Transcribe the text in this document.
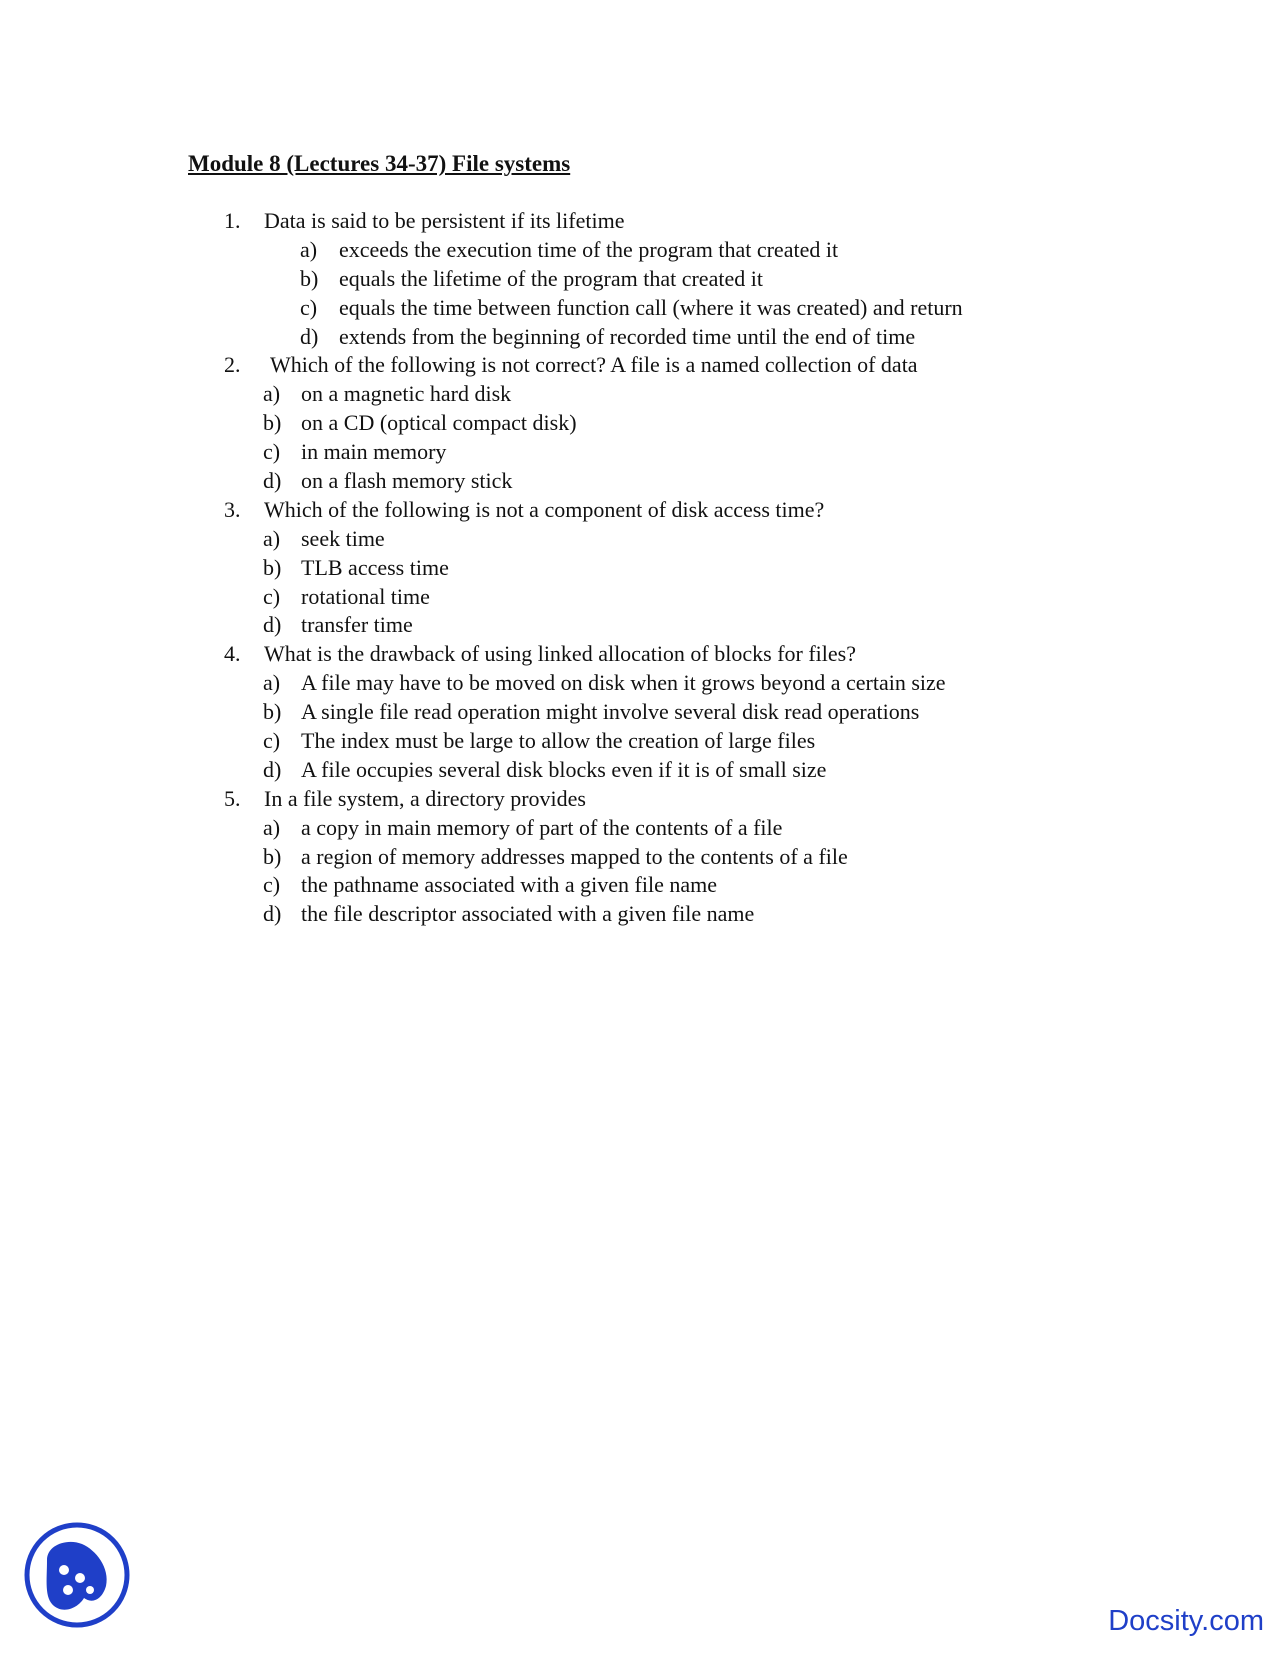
Module 8 (Lectures 34-37) File systems
1. Data is said to be persistent if its lifetime
a) exceeds the execution time of the program that created it
b) equals the lifetime of the program that created it
c) equals the time between function call (where it was created) and return
d) extends from the beginning of recorded time until the end of time
2. Which of the following is not correct? A file is a named collection of data
a) on a magnetic hard disk
b) on a CD (optical compact disk)
c) in main memory
d) on a flash memory stick
3. Which of the following is not a component of disk access time?
a) seek time
b) TLB access time
c) rotational time
d) transfer time
4. What is the drawback of using linked allocation of blocks for files?
a) A file may have to be moved on disk when it grows beyond a certain size
b) A single file read operation might involve several disk read operations
c) The index must be large to allow the creation of large files
d) A file occupies several disk blocks even if it is of small size
5. In a file system, a directory provides
a) a copy in main memory of part of the contents of a file
b) a region of memory addresses mapped to the contents of a file
c) the pathname associated with a given file name
d) the file descriptor associated with a given file name
Docsity.com
